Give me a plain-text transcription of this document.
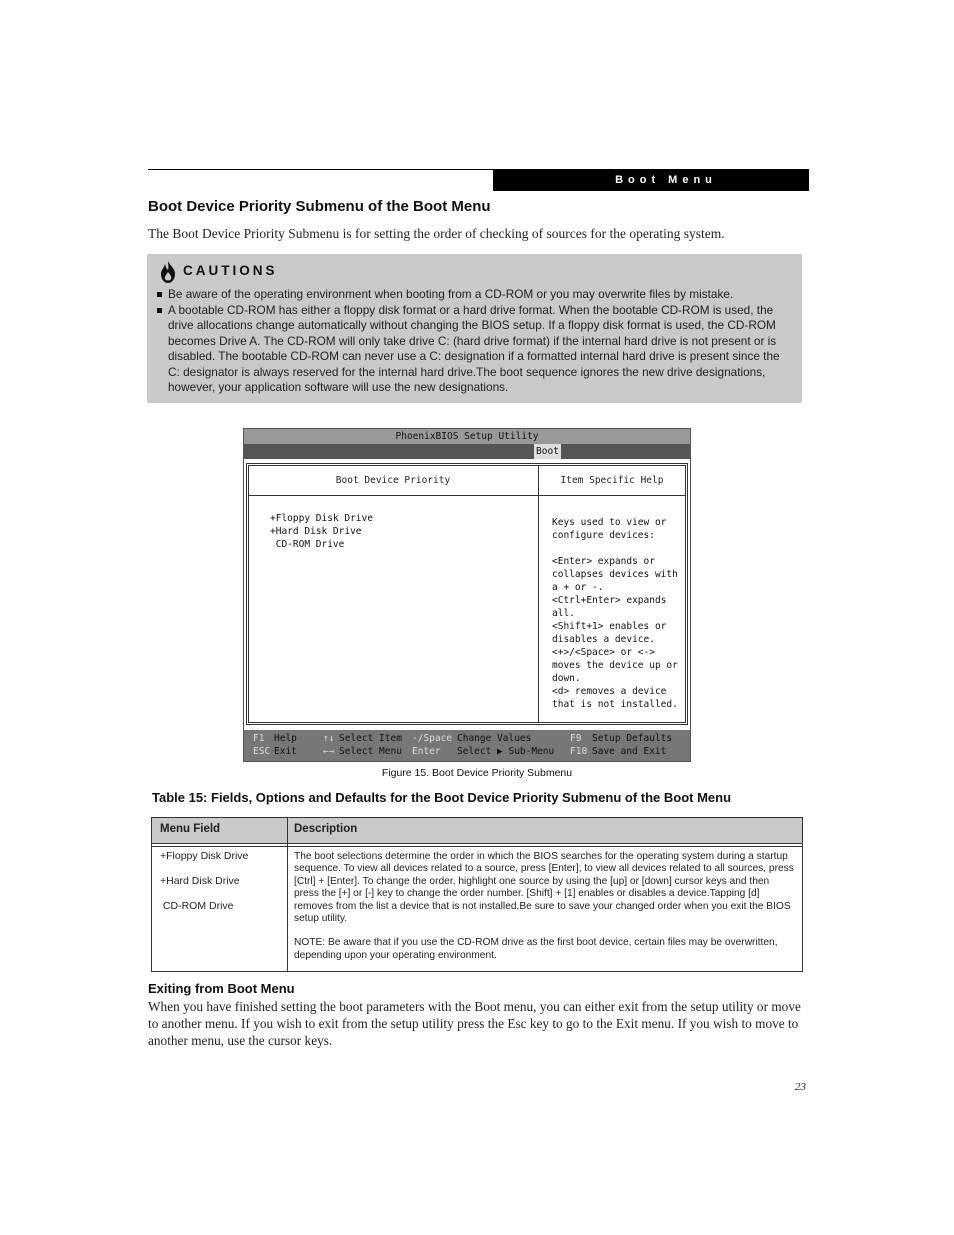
Boot Menu
Boot Device Priority Submenu of the Boot Menu
The Boot Device Priority Submenu is for setting the order of checking of sources for the operating system.
CAUTIONS

Be aware of the operating environment when booting from a CD-ROM or you may overwrite files by mistake.

A bootable CD-ROM has either a floppy disk format or a hard drive format. When the bootable CD-ROM is used, the drive allocations change automatically without changing the BIOS setup. If a floppy disk format is used, the CD-ROM becomes Drive A. The CD-ROM will only take drive C: (hard drive format) if the internal hard drive is not present or is disabled. The bootable CD-ROM can never use a C: designation if a formatted internal hard drive is present since the C: designator is always reserved for the internal hard drive.The boot sequence ignores the new drive designations, however, your application software will use the new designations.

PhoenixBIOS Setup Utility
Boot
Boot Device Priority	Item Specific Help
+Floppy Disk Drive
+Hard Disk Drive
CD-ROM Drive
Keys used to view or
configure devices:
<Enter> expands or
collapses devices with
a + or -.
<Ctrl+Enter> expands
all.
<Shift+1> enables or
disables a device.
<+>/<Space> or <->
moves the device up or
down.
<d> removes a device
that is not installed.
F1 Help
ESC Exit
↑↓ Select Item
←→ Select Menu
-/Space Change Values
Enter Select ▶ Sub-Menu
F9 Setup Defaults
F10 Save and Exit
Figure 15. Boot Device Priority Submenu
Table 15: Fields, Options and Defaults for the Boot Device Priority Submenu of the Boot Menu
Menu Field	Description
+Floppy Disk Drive
+Hard Disk Drive
CD-ROM Drive

The boot selections determine the order in which the BIOS searches for the operating system during a startup sequence. To view all devices related to a source, press [Enter]; to view all devices related to all sources, press [Ctrl] + [Enter]. To change the order, highlight one source by using the [up] or [down] cursor keys and then press the [+] or [-] key to change the order number. [Shift] + [1] enables or disables a device.Tapping [d] removes from the list a device that is not installed.Be sure to save your changed order when you exit the BIOS setup utility.

NOTE: Be aware that if you use the CD-ROM drive as the first boot device, certain files may be overwritten, depending upon your operating environment.

Exiting from Boot Menu
When you have finished setting the boot parameters with the Boot menu, you can either exit from the setup utility or move to another menu. If you wish to exit from the setup utility press the Esc key to go to the Exit menu. If you wish to move to another menu, use the cursor keys.
23
